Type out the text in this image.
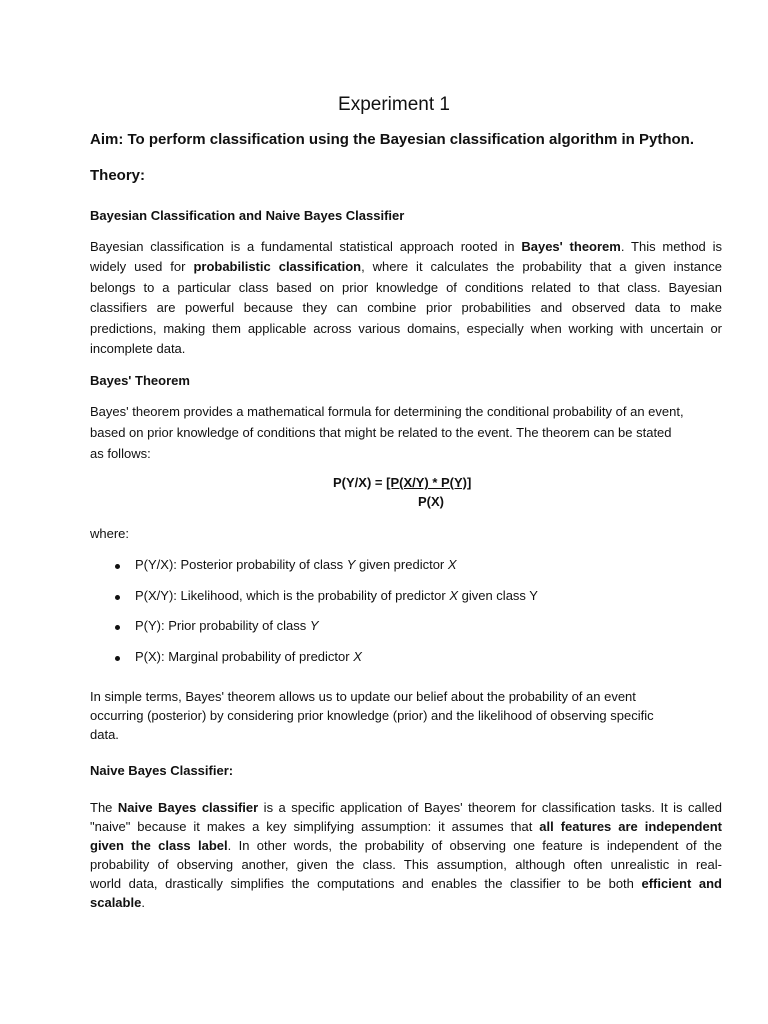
Experiment 1
Aim: To perform classification using the Bayesian classification algorithm in Python.
Theory:
Bayesian Classification and Naive Bayes Classifier
Bayesian classification is a fundamental statistical approach rooted in Bayes' theorem. This method is
widely used for probabilistic classification, where it calculates the probability that a given instance
belongs to a particular class based on prior knowledge of conditions related to that class. Bayesian
classifiers are powerful because they can combine prior probabilities and observed data to make
predictions, making them applicable across various domains, especially when working with uncertain or
incomplete data.
Bayes' Theorem
Bayes' theorem provides a mathematical formula for determining the conditional probability of an event,
based on prior knowledge of conditions that might be related to the event. The theorem can be stated
as follows:
P(Y/X) = [P(X/Y) * P(Y)]
P(X)
where:
P(Y/X): Posterior probability of class Y given predictor X
P(X/Y): Likelihood, which is the probability of predictor X given class Y
P(Y): Prior probability of class Y
P(X): Marginal probability of predictor X
In simple terms, Bayes' theorem allows us to update our belief about the probability of an event
occurring (posterior) by considering prior knowledge (prior) and the likelihood of observing specific
data.
Naive Bayes Classifier:
The Naive Bayes classifier is a specific application of Bayes' theorem for classification tasks. It is called
"naive" because it makes a key simplifying assumption: it assumes that all features are independent
given the class label. In other words, the probability of observing one feature is independent of the
probability of observing another, given the class. This assumption, although often unrealistic in real-
world data, drastically simplifies the computations and enables the classifier to be both efficient and
scalable.
